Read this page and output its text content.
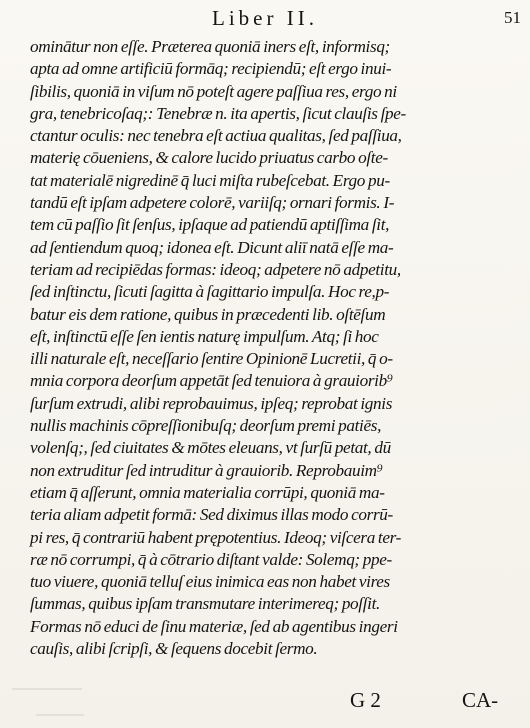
Liber II.	51
ominātur non eſſe. Præterea quoniā iners eſt, informisq;
apta ad omne artificiū formāq; recipiendū; eſt ergo inui-
ſibilis, quoniā in viſum nō poteſt agere paſſiua res, ergo ni
gra, tenebricoſaq;: Tenebræ n. ita apertis, ſicut clauſis ſpe-
ctantur oculis: nec tenebra eſt actiua qualitas, ſed paſſiua,
materię cōueniens, & calore lucido priuatus carbo oſte-
tat materialē nigredinē q̄ luci miſta rubeſcebat. Ergo pu-
tandū eſt ipſam adpetere colorē, variiſq; ornari formis. I-
tem cū paſſio ſit ſenſus, ipſaque ad patiendū aptiſſima ſit,
ad ſentiendum quoq; idonea eſt. Dicunt aliī natā eſſe ma-
teriam ad recipiēdas formas: ideoq; adpetere nō adpetitu,
ſed inſtinctu, ſicuti ſagitta à ſagittario impulſa. Hoc re,p-
batur eis dem ratione, quibus in præcedenti lib. oſtēſum
eſt, inſtinctū eſſe ſen ientis naturę impulſum. Atq; ſi hoc
illi naturale eſt, neceſſario ſentire Opinionē Lucretii, q̄ o-
mnia corpora deorſum appetāt ſed tenuiora à grauiorib⁹
ſurſum extrudi, alibi reprobauimus, ipſeq; reprobat ignis
nullis machinis cōpreſſionibuſq; deorſum premi patiēs,
volenſq;, ſed ciuitates & mōtes eleuans, vt ſurſū petat, dū
non extruditur ſed intruditur à grauiorib. Reprobauim⁹
etiam q̄ aſſerunt, omnia materialia corrūpi, quoniā ma-
teria aliam adpetit formā: Sed diximus illas modo corrū-
pi res, q̄ contrariū habent prępotentius. Ideoq; viſcera ter-
ræ nō corrumpi, q̄ à cōtrario diſtant valde: Solemq; ppe-
tuo viuere, quoniā telluſ eius inimica eas non habet vires
ſummas, quibus ipſam transmutare interimereq; poſſit.
Formas nō educi de ſinu materiæ, ſed ab agentibus ingeri
cauſis, alibi ſcripſi, & ſequens docebit ſermo.
G 2	CA-
